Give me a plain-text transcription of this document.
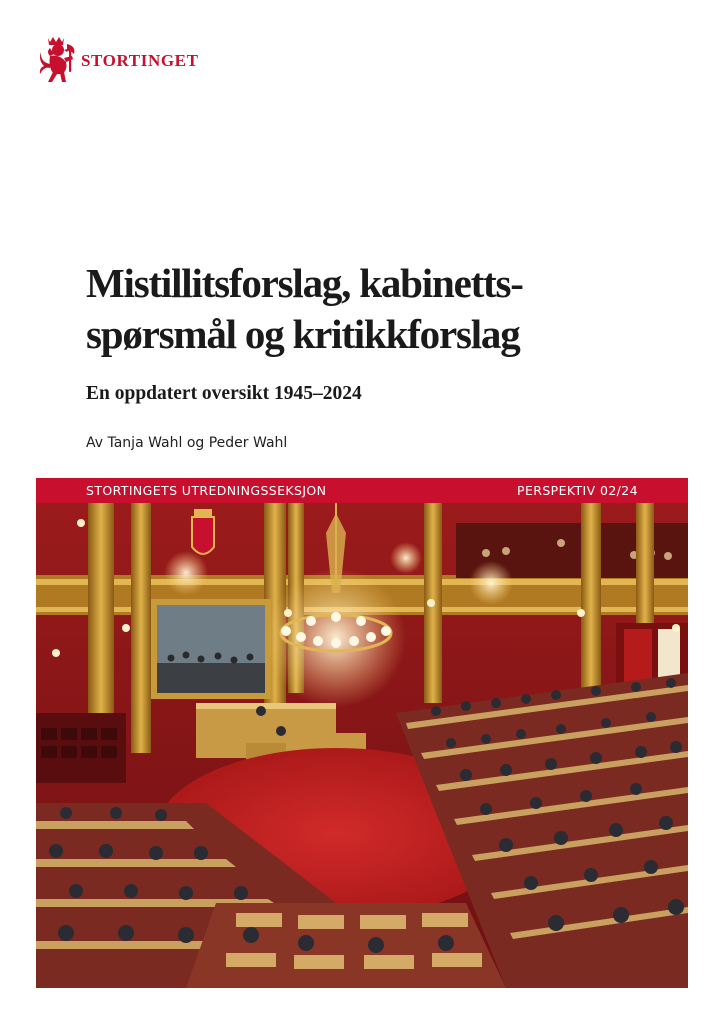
STORTINGET
Mistillitsforslag, kabinetts-
spørsmål og kritikkforslag

En oppdatert oversikt 1945–2024

Av Tanja Wahl og Peder Wahl

STORTINGETS UTREDNINGSSEKSJON	PERSPEKTIV 02/24
